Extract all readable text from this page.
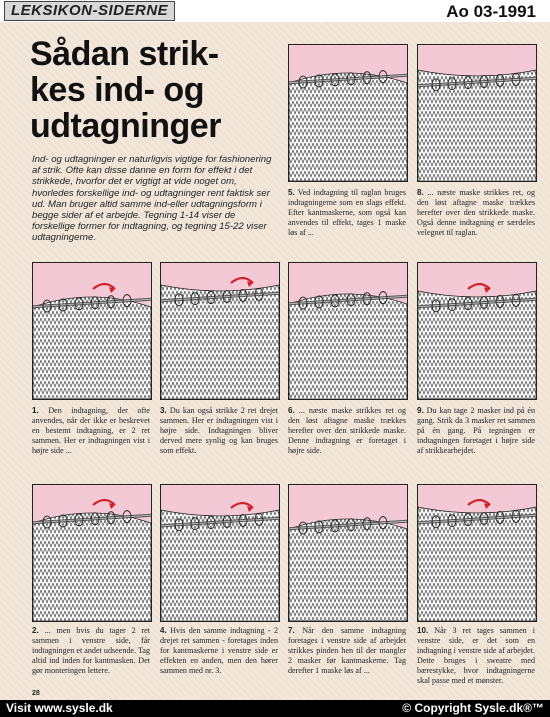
LEKSIKON-SIDERNE	Ao 03-1991
Sådan strik-
kes ind- og
udtagninger
Ind- og udtagninger er naturligvis vigtige for fashionering af strik. Ofte kan disse danne en form for effekt i det strikkede, hvorfor det er vigtigt at vide noget om, hvorledes forskellige ind- og udtagninger rent faktisk ser ud. Man bruger altid samme ind-eller udtagningsform i begge sider af et arbejde. Tegning 1-14 viser de forskellige former for indtagning, og tegning 15-22 viser udtagningerne.
5. Ved indtagning til raglan bruges indtagningerne som en slags effekt. Efter kantmaskerne, som også kan anvendes til effekt, tages 1 maske løs af ...
8. ... næste maske strikkes ret, og den løst aftagne maske trækkes herefter over den strikkede maske. Også denne indtagning er særdeles velegnet til raglan.
1. Den indtagning, der ofte anvendes, når der ikke er beskrevet en bestemt indtagning, er 2 ret sammen. Her er indtagningen vist i højre side ...
3. Du kan også strikke 2 ret drejet sammen. Her er indtagningen vist i højre side. Indtagningen bliver derved mere synlig og kan bruges som effekt.
6. ... næste maske strikkes ret og den løst aftagne maske trækkes herefter over den strikkede maske. Denne indtagning er foretaget i højre side.
9. Du kan tage 2 masker ind på én gang. Strik da 3 masker ret sammen på én gang. På tegningen er indtagningen foretaget i højre side af strikkearbejdet.
2. ... men hvis du tager 2 ret sammen i venstre side, får indtagningen et andet udseende. Tag altid ind inden for kantmasken. Det gør monteringen lettere.
4. Hvis den samme indtagning - 2 drejet ret sammen - foretages inden for kantmaskerne i venstre side er effekten en anden, men den hører sammen med nr. 3.
7. Når den samme indtagning foretages i venstre side af arbejdet strikkes pinden hen til der mangler 2 masker før kantmaskerne. Tag derefter 1 maske løs af ...
10. Når 3 ret tages sammen i venstre side, er det som en indtagning i venstre side af arbejdet. Dette bruges i sweatre med bærestykke, hvor indtagningerne skal passe med et mønster.
28
Visit www.sysle.dk	© Copyright Sysle.dk®™
